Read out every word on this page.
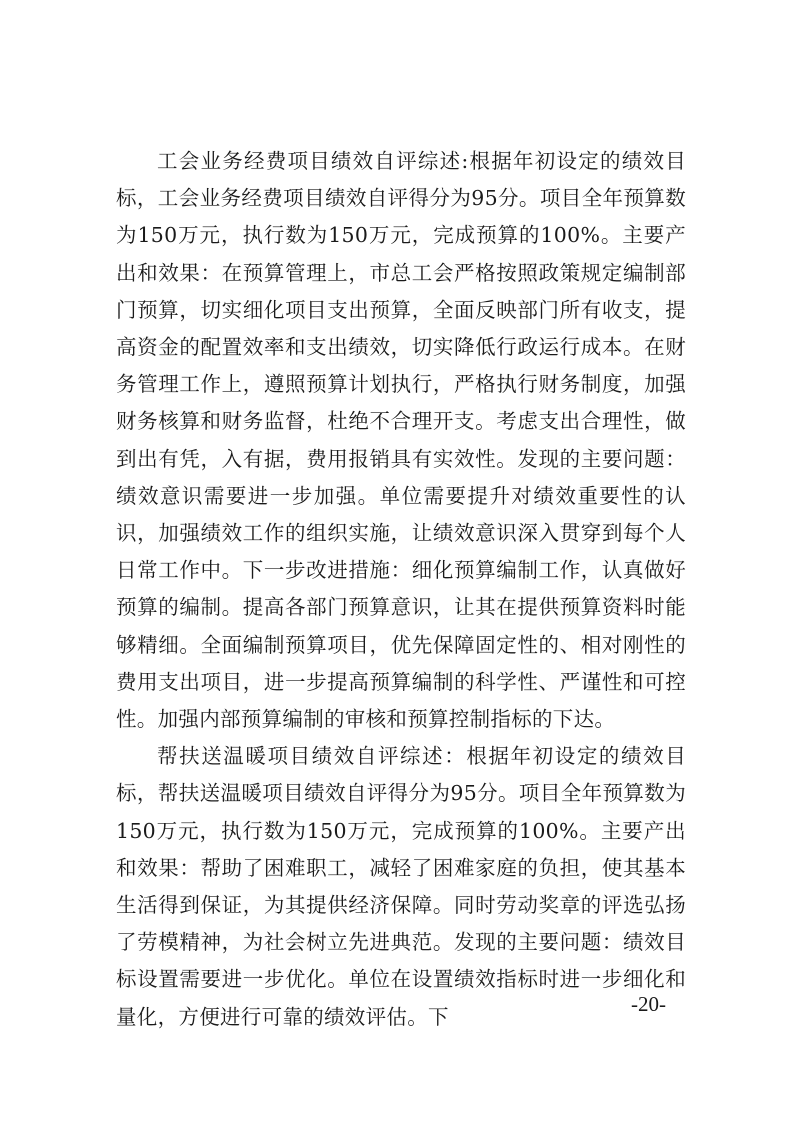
工会业务经费项目绩效自评综述:根据年初设定的绩效目标，工会业务经费项目绩效自评得分为95分。项目全年预算数为150万元，执行数为150万元，完成预算的100%。主要产出和效果：在预算管理上，市总工会严格按照政策规定编制部门预算，切实细化项目支出预算，全面反映部门所有收支，提高资金的配置效率和支出绩效，切实降低行政运行成本。在财务管理工作上，遵照预算计划执行，严格执行财务制度，加强财务核算和财务监督，杜绝不合理开支。考虑支出合理性，做到出有凭，入有据，费用报销具有实效性。发现的主要问题：绩效意识需要进一步加强。单位需要提升对绩效重要性的认识，加强绩效工作的组织实施，让绩效意识深入贯穿到每个人日常工作中。下一步改进措施：细化预算编制工作，认真做好预算的编制。提高各部门预算意识，让其在提供预算资料时能够精细。全面编制预算项目，优先保障固定性的、相对刚性的费用支出项目，进一步提高预算编制的科学性、严谨性和可控性。加强内部预算编制的审核和预算控制指标的下达。

帮扶送温暖项目绩效自评综述：根据年初设定的绩效目标，帮扶送温暖项目绩效自评得分为95分。项目全年预算数为150万元，执行数为150万元，完成预算的100%。主要产出和效果：帮助了困难职工，减轻了困难家庭的负担，使其基本生活得到保证，为其提供经济保障。同时劳动奖章的评选弘扬了劳模精神，为社会树立先进典范。发现的主要问题：绩效目标设置需要进一步优化。单位在设置绩效指标时进一步细化和量化，方便进行可靠的绩效评估。下

-20-
